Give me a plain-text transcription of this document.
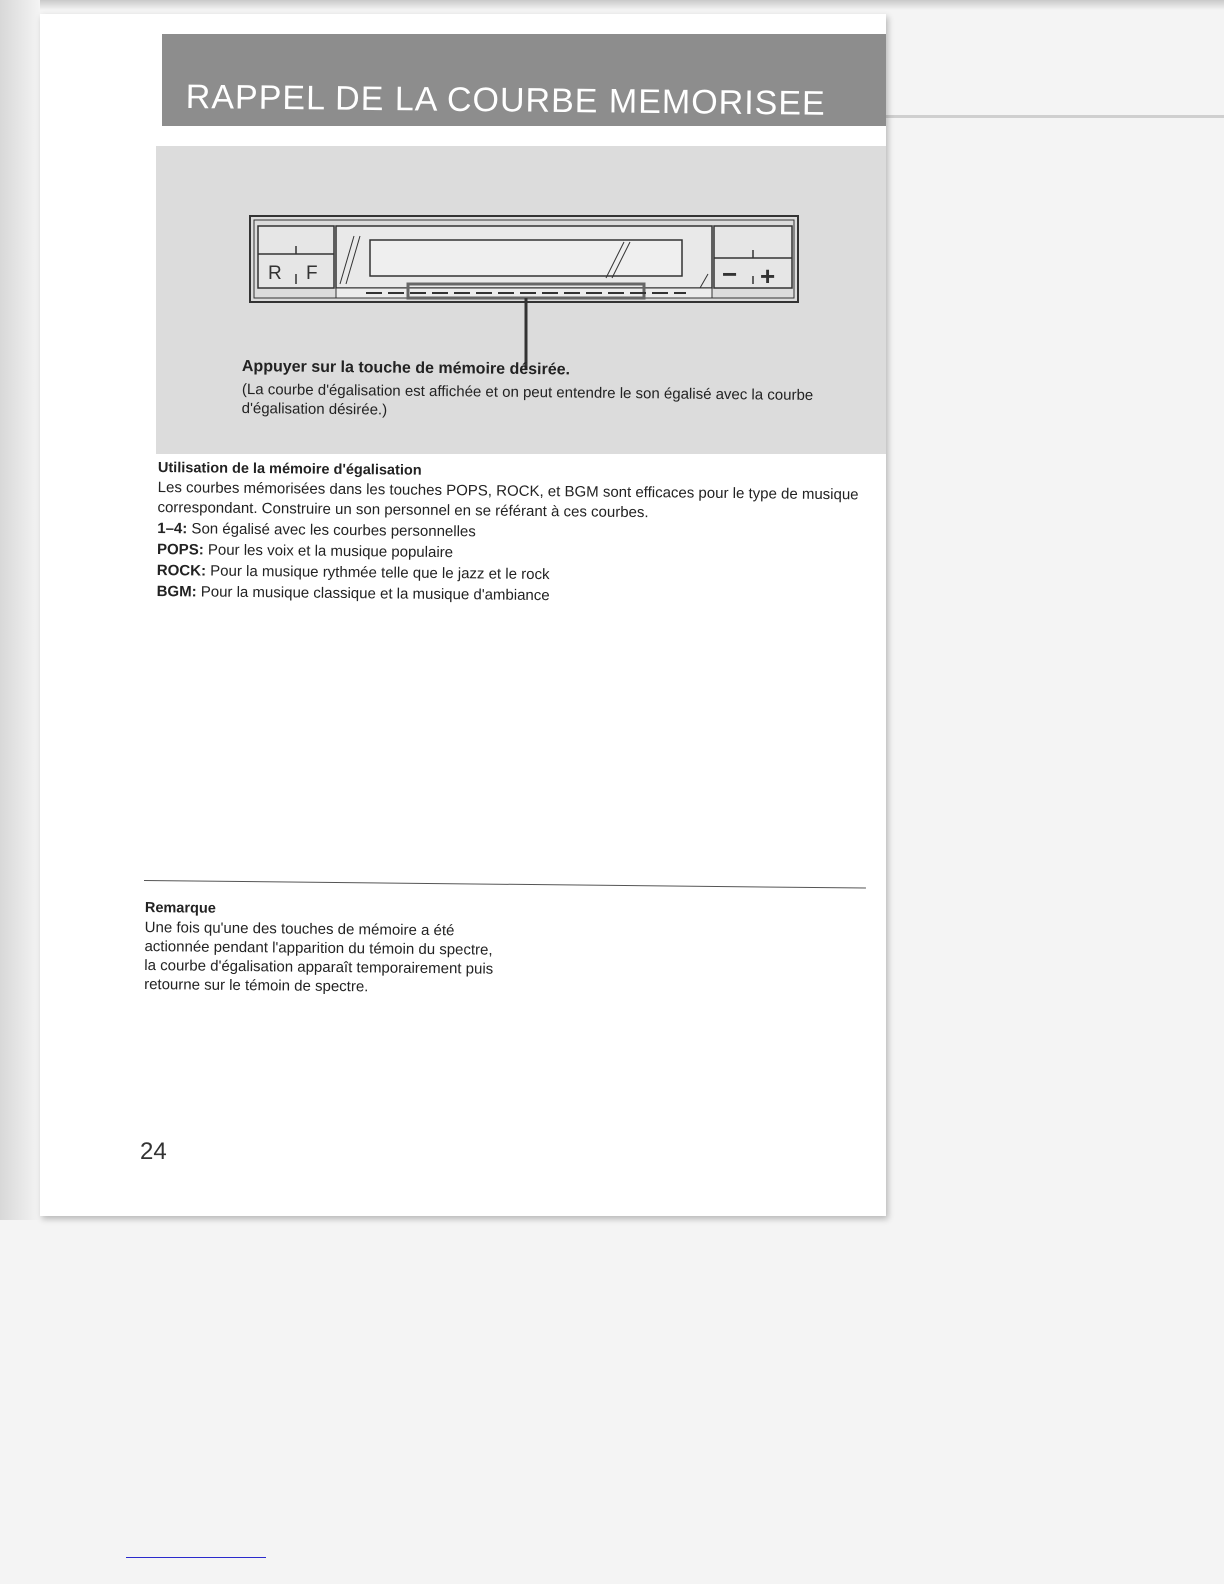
RAPPEL DE LA COURBE MEMORISEE
R F	− +
Appuyer sur la touche de mémoire désirée.
(La courbe d'égalisation est affichée et on peut entendre le son égalisé avec la courbe d'égalisation désirée.)
Utilisation de la mémoire d'égalisation

Les courbes mémorisées dans les touches POPS, ROCK, et BGM sont efficaces pour le type de musique correspondant. Construire un son personnel en se référant à ces courbes.

1–4: Son égalisé avec les courbes personnelles
POPS: Pour les voix et la musique populaire
ROCK: Pour la musique rythmée telle que le jazz et le rock
BGM: Pour la musique classique et la musique d'ambiance
Remarque

Une fois qu'une des touches de mémoire a été actionnée pendant l'apparition du témoin du spectre, la courbe d'égalisation apparaît temporairement puis retourne sur le témoin de spectre.

24
